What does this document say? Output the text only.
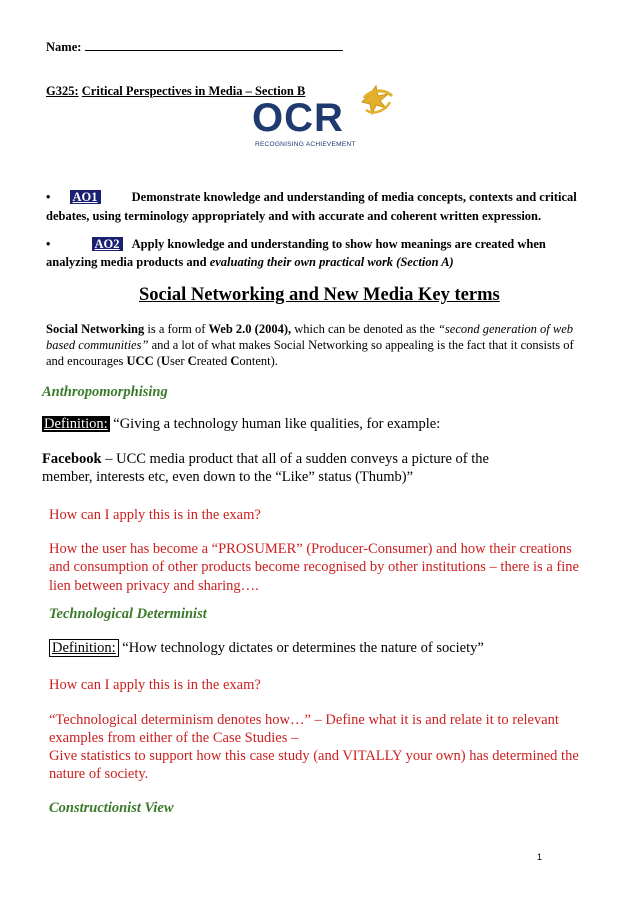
Name:
G325: Critical Perspectives in Media – Section B
OCR
RECOGNISING ACHIEVEMENT
• AO1	Demonstrate knowledge and understanding of media concepts, contexts and critical
debates, using terminology appropriately and with accurate and coherent written expression.
•	AO2 Apply knowledge and understanding to show how meanings are created when
analyzing media products and evaluating their own practical work (Section A)
Social Networking and New Media Key terms
Social Networking is a form of Web 2.0 (2004), which can be denoted as the “second generation of web
based communities” and a lot of what makes Social Networking so appealing is the fact that it consists of
and encourages UCC (User Created Content).
Anthropomorphising
Definition: “Giving a technology human like qualities, for example:
Facebook – UCC media product that all of a sudden conveys a picture of the
member, interests etc, even down to the “Like” status (Thumb)”
How can I apply this is in the exam?
How the user has become a “PROSUMER” (Producer-Consumer) and how their creations
and consumption of other products become recognised by other institutions – there is a fine
lien between privacy and sharing….
Technological Determinist
Definition: “How technology dictates or determines the nature of society”
How can I apply this is in the exam?
“Technological determinism denotes how…” – Define what it is and relate it to relevant
examples from either of the Case Studies –
Give statistics to support how this case study (and VITALLY your own) has determined the
nature of society.
Constructionist View
1
